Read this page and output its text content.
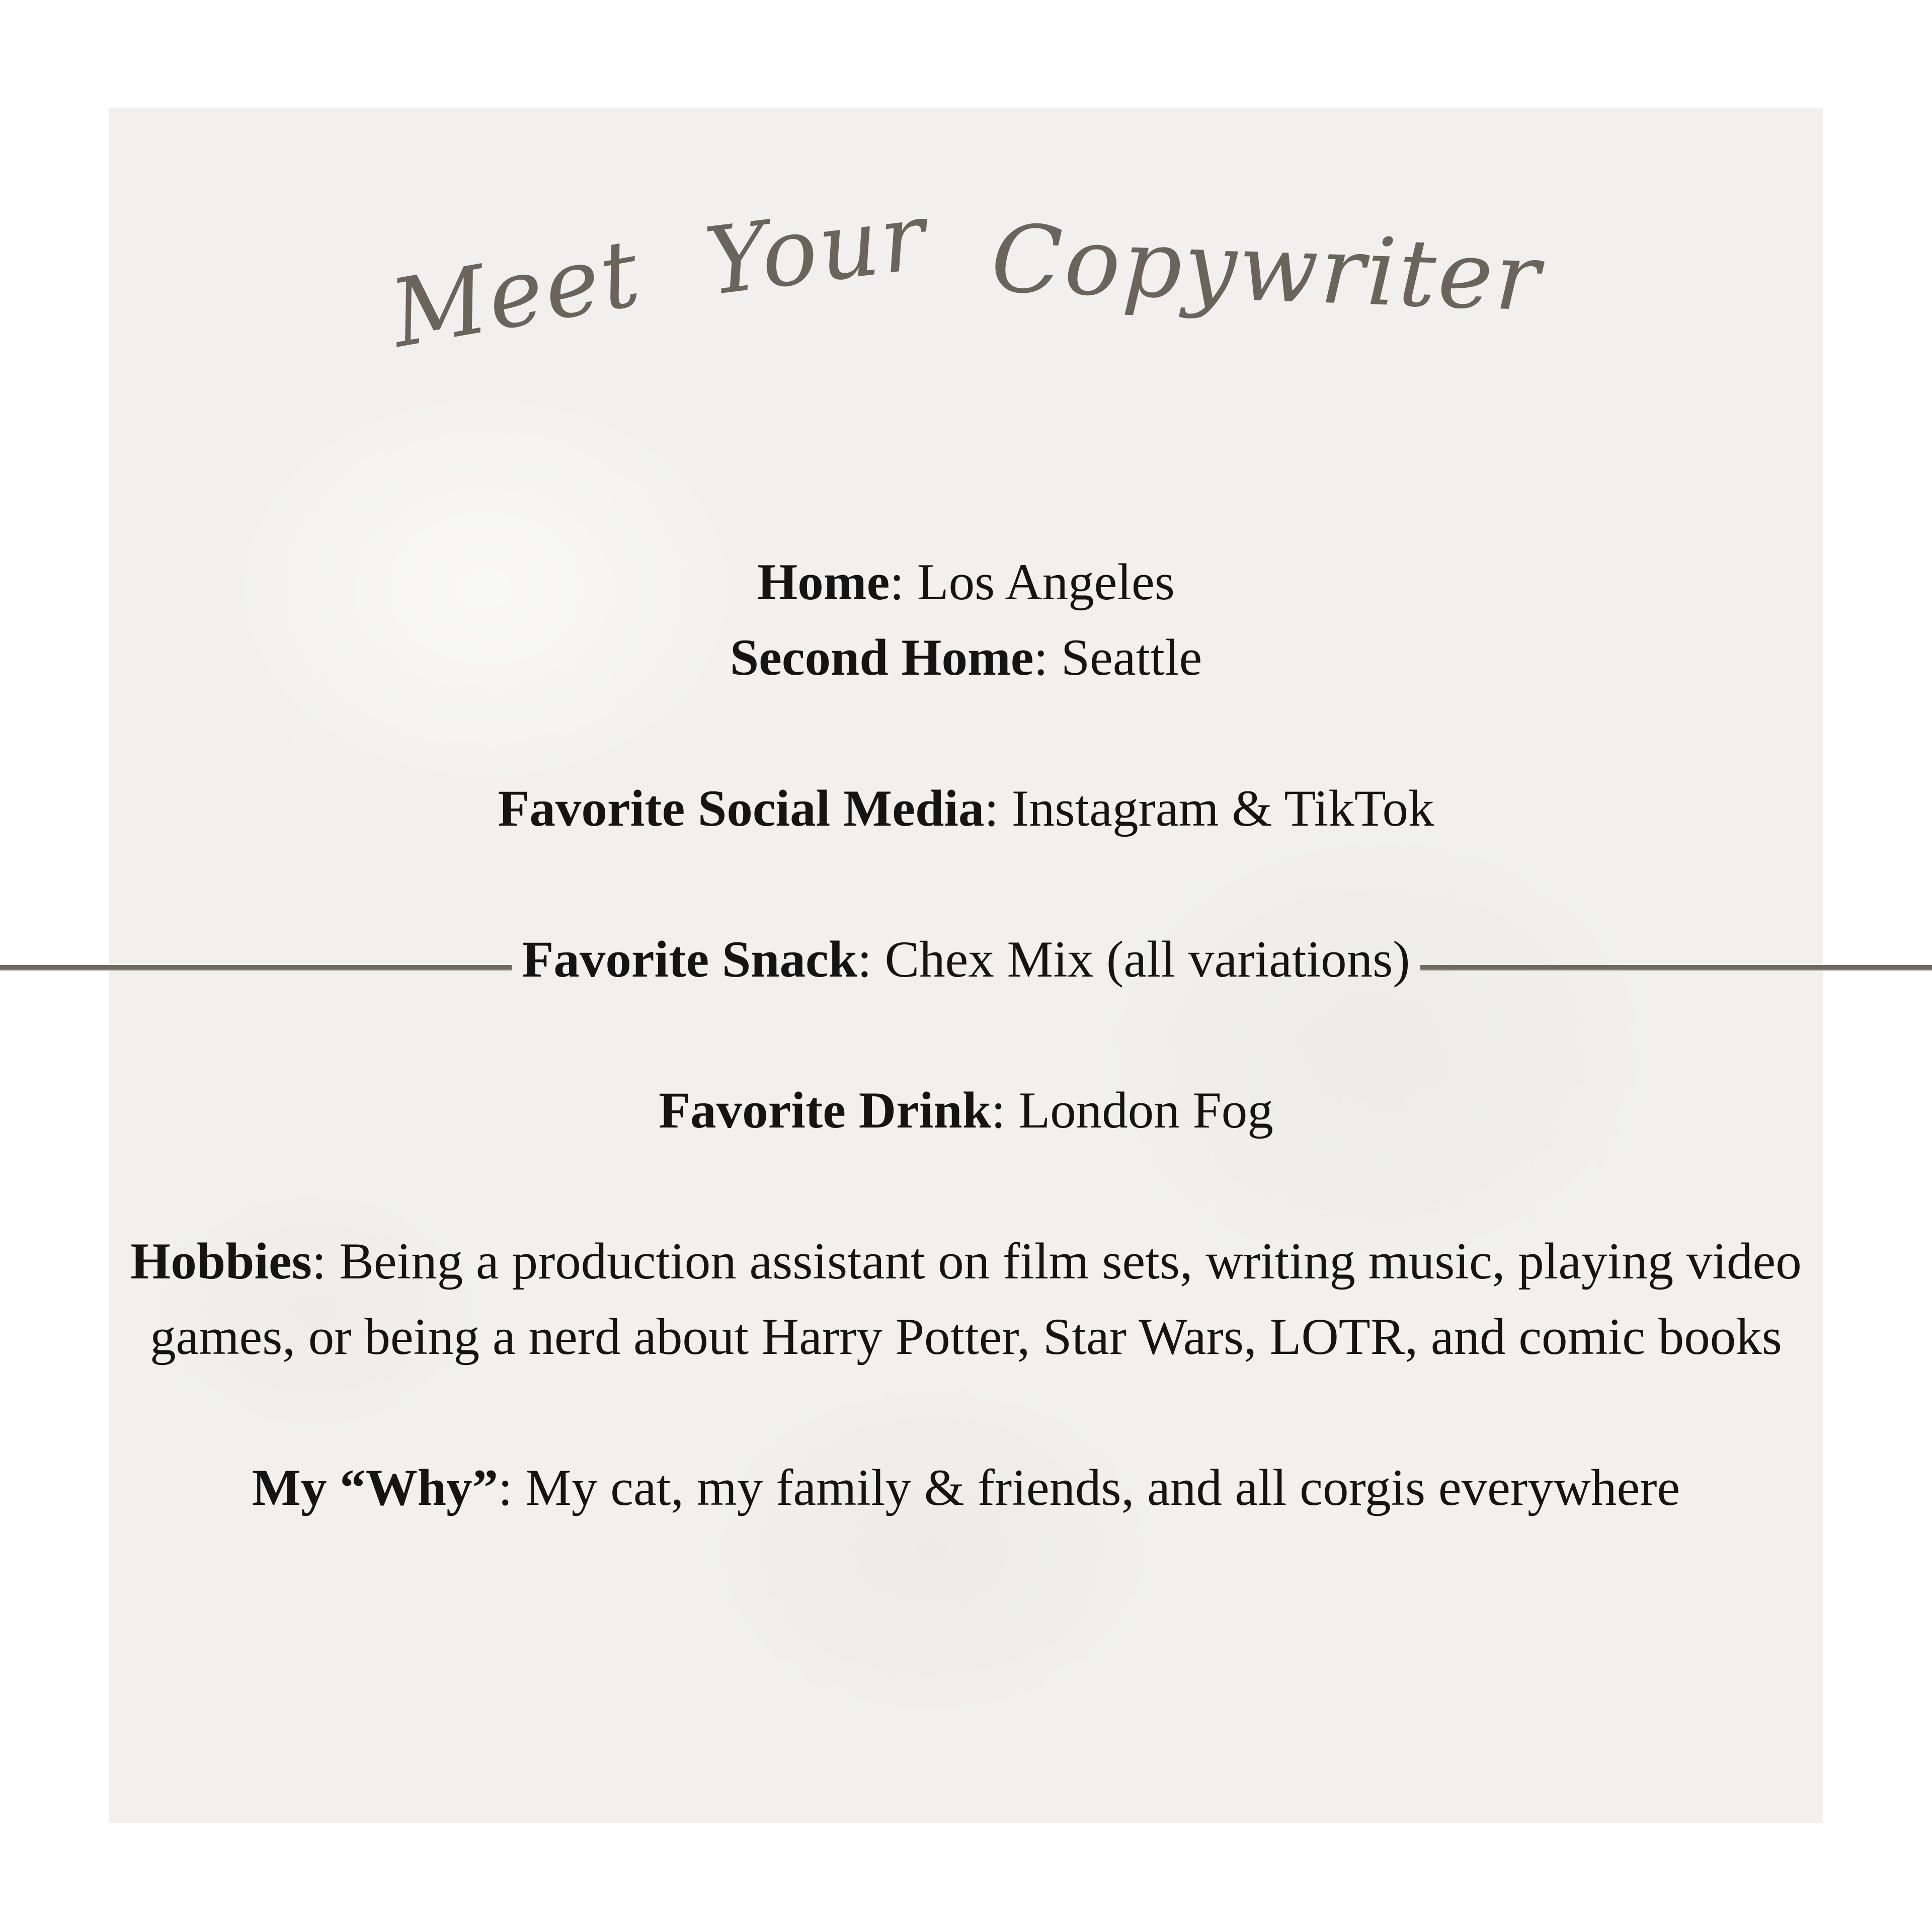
Meet Your Copywriter
Home: Los Angeles
Second Home: Seattle
Favorite Social Media: Instagram & TikTok
Favorite Snack: Chex Mix (all variations)
Favorite Drink: London Fog
Hobbies: Being a production assistant on film sets, writing music, playing video games, or being a nerd about Harry Potter, Star Wars, LOTR, and comic books
My “Why”: My cat, my family & friends, and all corgis everywhere
